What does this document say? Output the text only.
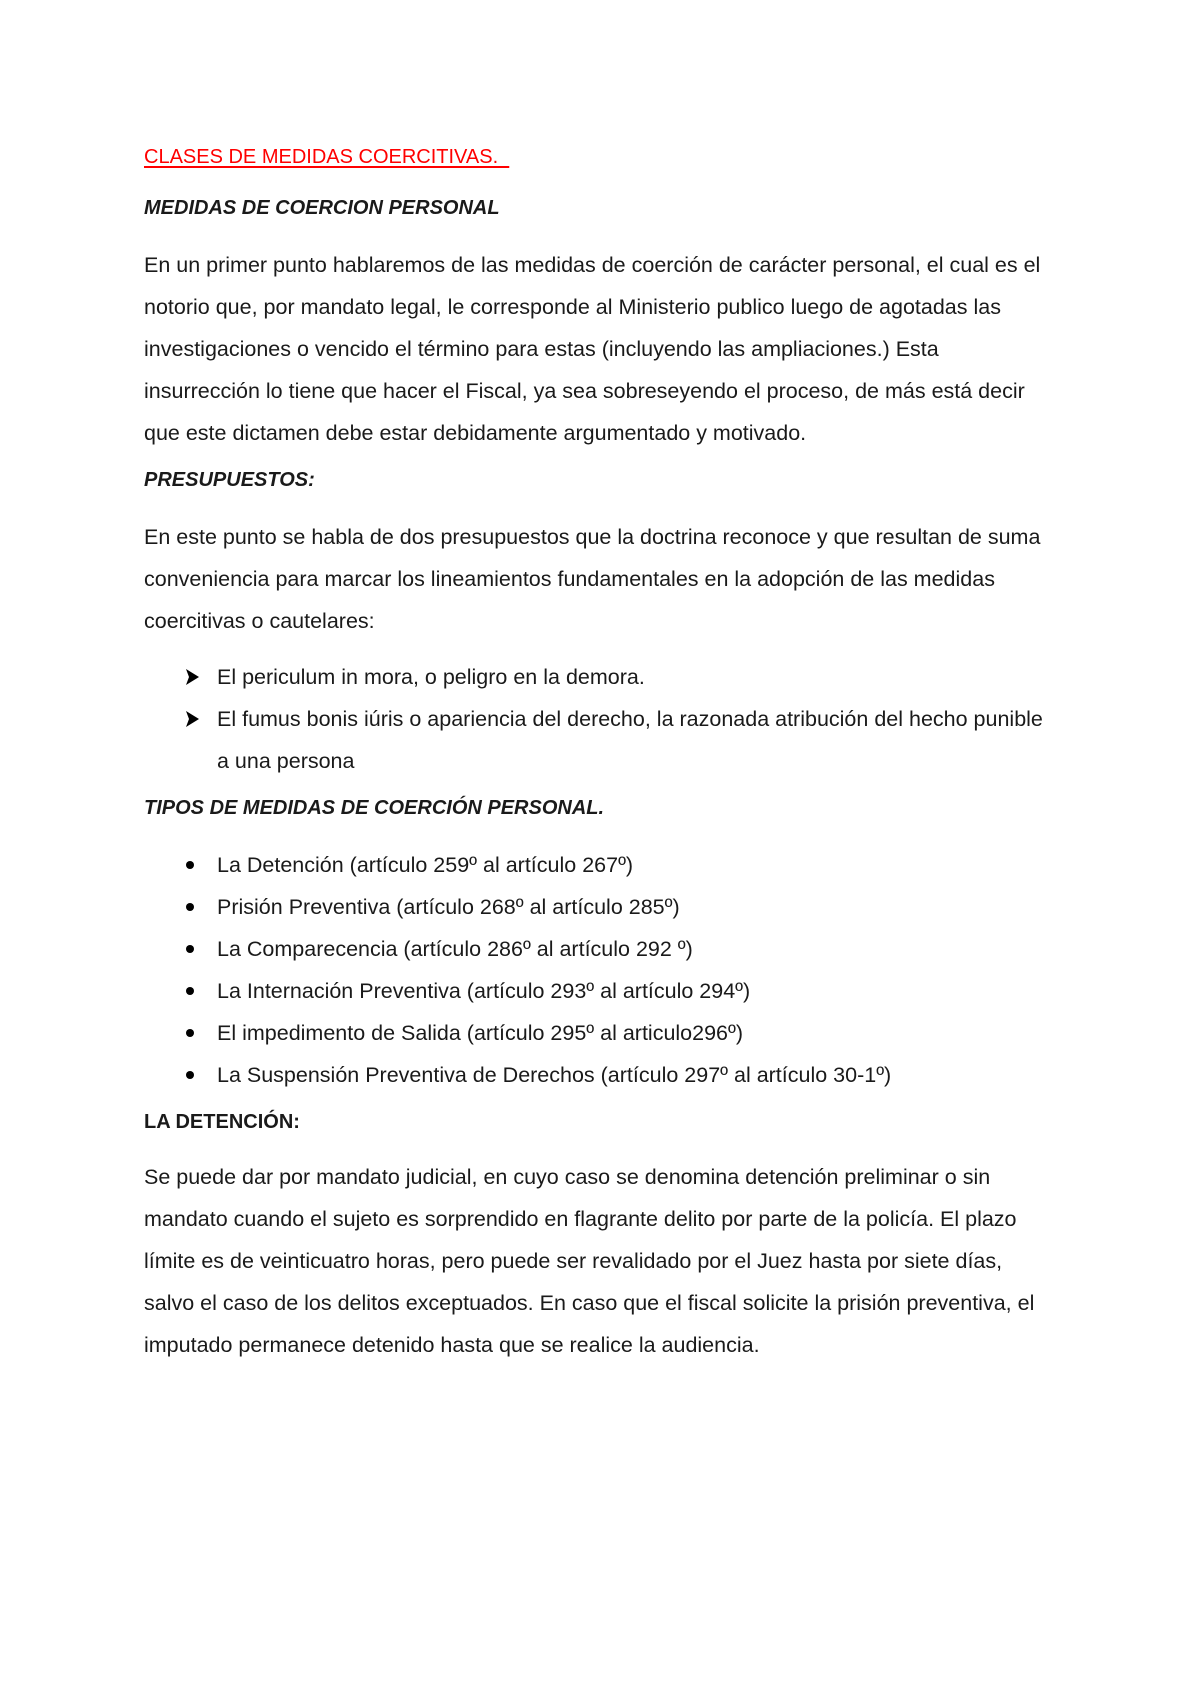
CLASES DE MEDIDAS COERCITIVAS.
MEDIDAS DE COERCION PERSONAL

En un primer punto hablaremos de las medidas de coerción de carácter personal, el cual es el notorio que, por mandato legal, le corresponde al Ministerio publico luego de agotadas las investigaciones o vencido el término para estas (incluyendo las ampliaciones.) Esta insurrección lo tiene que hacer el Fiscal, ya sea sobreseyendo el proceso, de más está decir que este dictamen debe estar debidamente argumentado y motivado.

PRESUPUESTOS:

En este punto se habla de dos presupuestos que la doctrina reconoce y que resultan de suma conveniencia para marcar los lineamientos fundamentales en la adopción de las medidas coercitivas o cautelares:

El periculum in mora, o peligro en la demora.
El fumus bonis iúris o apariencia del derecho, la razonada atribución del hecho punible a una persona
TIPOS DE MEDIDAS DE COERCIÓN PERSONAL.
La Detención (artículo 259º al artículo 267º)
Prisión Preventiva (artículo 268º al artículo 285º)
La Comparecencia (artículo 286º al artículo 292 º)
La Internación Preventiva (artículo 293º al artículo 294º)
El impedimento de Salida (artículo 295º al articulo296º)
La Suspensión Preventiva de Derechos (artículo 297º al artículo 30-1º)
LA DETENCIÓN:

Se puede dar por mandato judicial, en cuyo caso se denomina detención preliminar o sin mandato cuando el sujeto es sorprendido en flagrante delito por parte de la policía. El plazo límite es de veinticuatro horas, pero puede ser revalidado por el Juez hasta por siete días, salvo el caso de los delitos exceptuados. En caso que el fiscal solicite la prisión preventiva, el imputado permanece detenido hasta que se realice la audiencia.
